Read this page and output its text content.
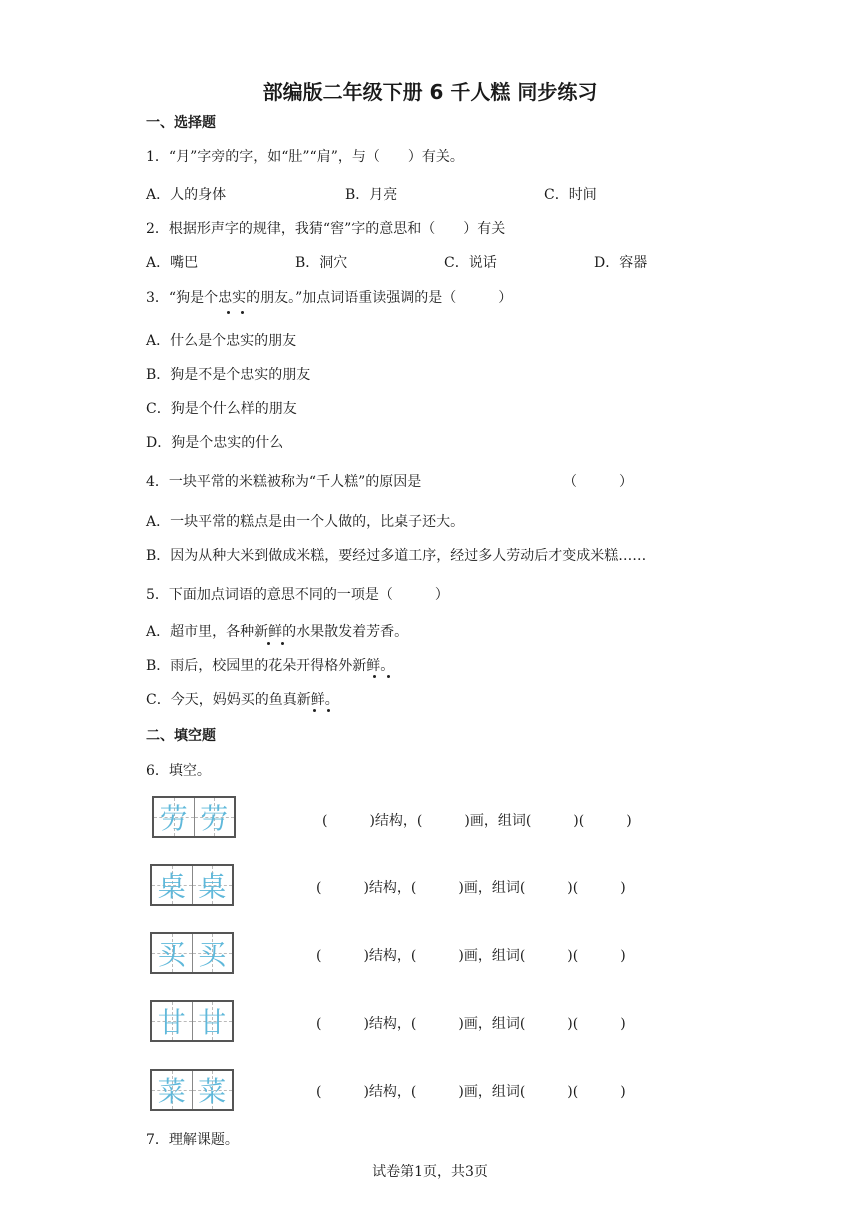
部编版二年级下册 6 千人糕 同步练习
一、选择题
1．“月”字旁的字，如“肚”“肩”，与（　　）有关。
A．人的身体	B．月亮	C．时间
2．根据形声字的规律，我猜“窖”字的意思和（　　）有关
A．嘴巴	B．洞穴	C．说话	D．容器
3．“狗是个忠实的朋友。”加点词语重读强调的是（　　　）
A．什么是个忠实的朋友
B．狗是不是个忠实的朋友
C．狗是个什么样的朋友
D．狗是个忠实的什么
4．一块平常的米糕被称为“千人糕”的原因是	（　　　）
A．一块平常的糕点是由一个人做的，比桌子还大。
B．因为从种大米到做成米糕，要经过多道工序，经过多人劳动后才变成米糕……
5．下面加点词语的意思不同的一项是（　　　）
A．超市里，各种新鲜的水果散发着芳香。
B．雨后，校园里的花朵开得格外新鲜。
C．今天，妈妈买的鱼真新鲜。
二、填空题
6．填空。
劳 劳	(　　　)结构，(　　　)画，组词(　　　)(　　　)
桌 桌	(　　　)结构，(　　　)画，组词(　　　)(　　　)
买 买	(　　　)结构，(　　　)画，组词(　　　)(　　　)
甘 甘	(　　　)结构，(　　　)画，组词(　　　)(　　　)
菜 菜	(　　　)结构，(　　　)画，组词(　　　)(　　　)
7．理解课题。
试卷第1页，共3页
